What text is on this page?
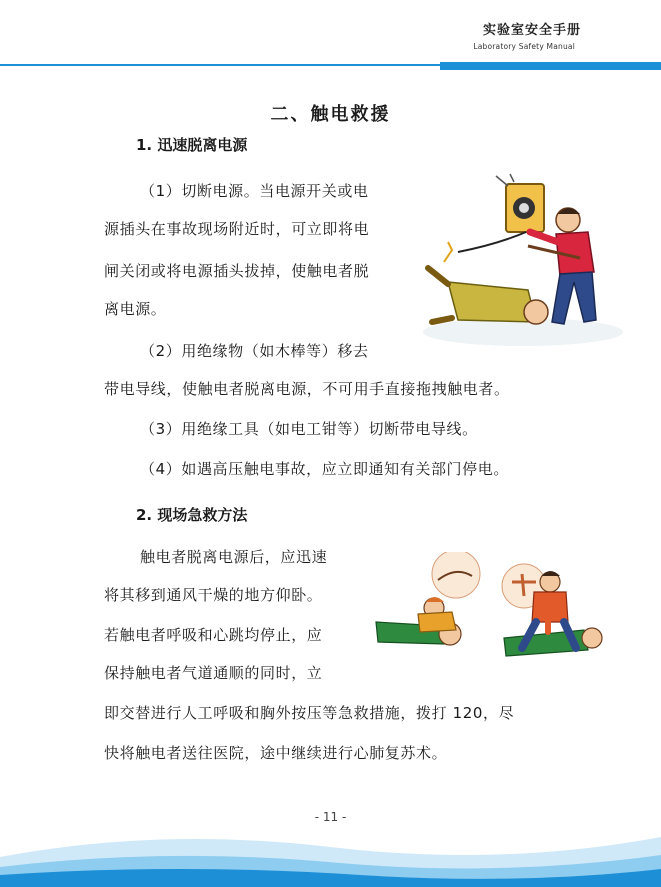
实验室安全手册
Laboratory Safety Manual
二、触电救援
1. 迅速脱离电源
（1）切断电源。当电源开关或电
源插头在事故现场附近时，可立即将电
闸关闭或将电源插头拔掉，使触电者脱
离电源。
（2）用绝缘物（如木棒等）移去
带电导线，使触电者脱离电源，不可用手直接拖拽触电者。
（3）用绝缘工具（如电工钳等）切断带电导线。
（4）如遇高压触电事故，应立即通知有关部门停电。
2. 现场急救方法
触电者脱离电源后，应迅速
将其移到通风干燥的地方仰卧。
若触电者呼吸和心跳均停止，应
保持触电者气道通顺的同时，立
即交替进行人工呼吸和胸外按压等急救措施，拨打 120，尽
快将触电者送往医院，途中继续进行心肺复苏术。
- 11 -
